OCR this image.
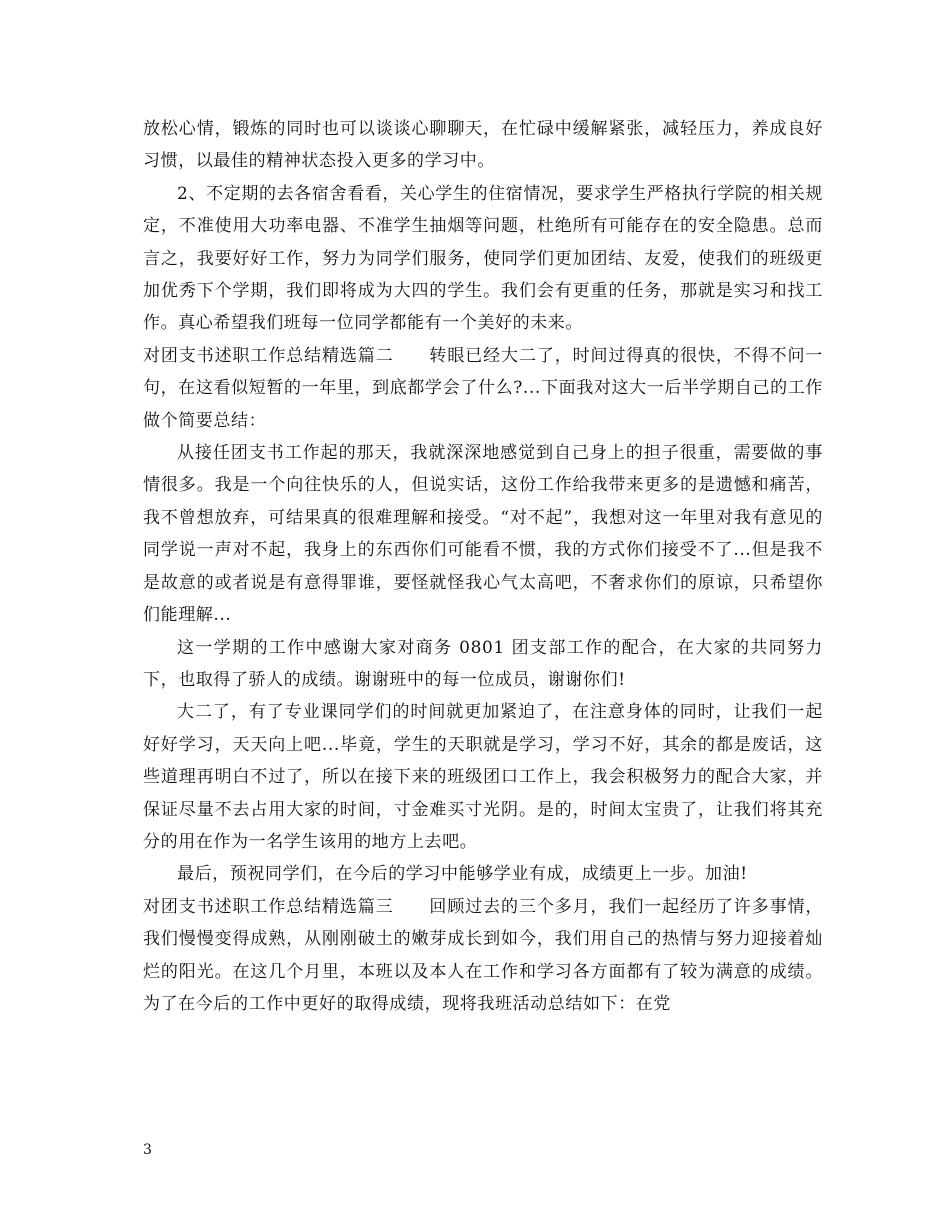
放松心情，锻炼的同时也可以谈谈心聊聊天，在忙碌中缓解紧张，减轻压力，养成良好习惯，以最佳的精神状态投入更多的学习中。

2、不定期的去各宿舍看看，关心学生的住宿情况，要求学生严格执行学院的相关规定，不准使用大功率电器、不准学生抽烟等问题，杜绝所有可能存在的安全隐患。总而言之，我要好好工作，努力为同学们服务，使同学们更加团结、友爱，使我们的班级更加优秀下个学期，我们即将成为大四的学生。我们会有更重的任务，那就是实习和找工作。真心希望我们班每一位同学都能有一个美好的未来。

对团支书述职工作总结精选篇二　　转眼已经大二了，时间过得真的很快，不得不问一句，在这看似短暂的一年里，到底都学会了什么?...下面我对这大一后半学期自己的工作做个简要总结：

从接任团支书工作起的那天，我就深深地感觉到自己身上的担子很重，需要做的事情很多。我是一个向往快乐的人，但说实话，这份工作给我带来更多的是遗憾和痛苦，我不曾想放弃，可结果真的很难理解和接受。“对不起”，我想对这一年里对我有意见的同学说一声对不起，我身上的东西你们可能看不惯，我的方式你们接受不了...但是我不是故意的或者说是有意得罪谁，要怪就怪我心气太高吧，不奢求你们的原谅，只希望你们能理解...

这一学期的工作中感谢大家对商务 0801 团支部工作的配合，在大家的共同努力下，也取得了骄人的成绩。谢谢班中的每一位成员，谢谢你们!

大二了，有了专业课同学们的时间就更加紧迫了，在注意身体的同时，让我们一起好好学习，天天向上吧...毕竟，学生的天职就是学习，学习不好，其余的都是废话，这些道理再明白不过了，所以在接下来的班级团口工作上，我会积极努力的配合大家，并保证尽量不去占用大家的时间，寸金难买寸光阴。是的，时间太宝贵了，让我们将其充分的用在作为一名学生该用的地方上去吧。

最后，预祝同学们，在今后的学习中能够学业有成，成绩更上一步。加油!

对团支书述职工作总结精选篇三　　回顾过去的三个多月，我们一起经历了许多事情，我们慢慢变得成熟，从刚刚破土的嫩芽成长到如今，我们用自己的热情与努力迎接着灿烂的阳光。在这几个月里，本班以及本人在工作和学习各方面都有了较为满意的成绩。为了在今后的工作中更好的取得成绩，现将我班活动总结如下：在党

3
